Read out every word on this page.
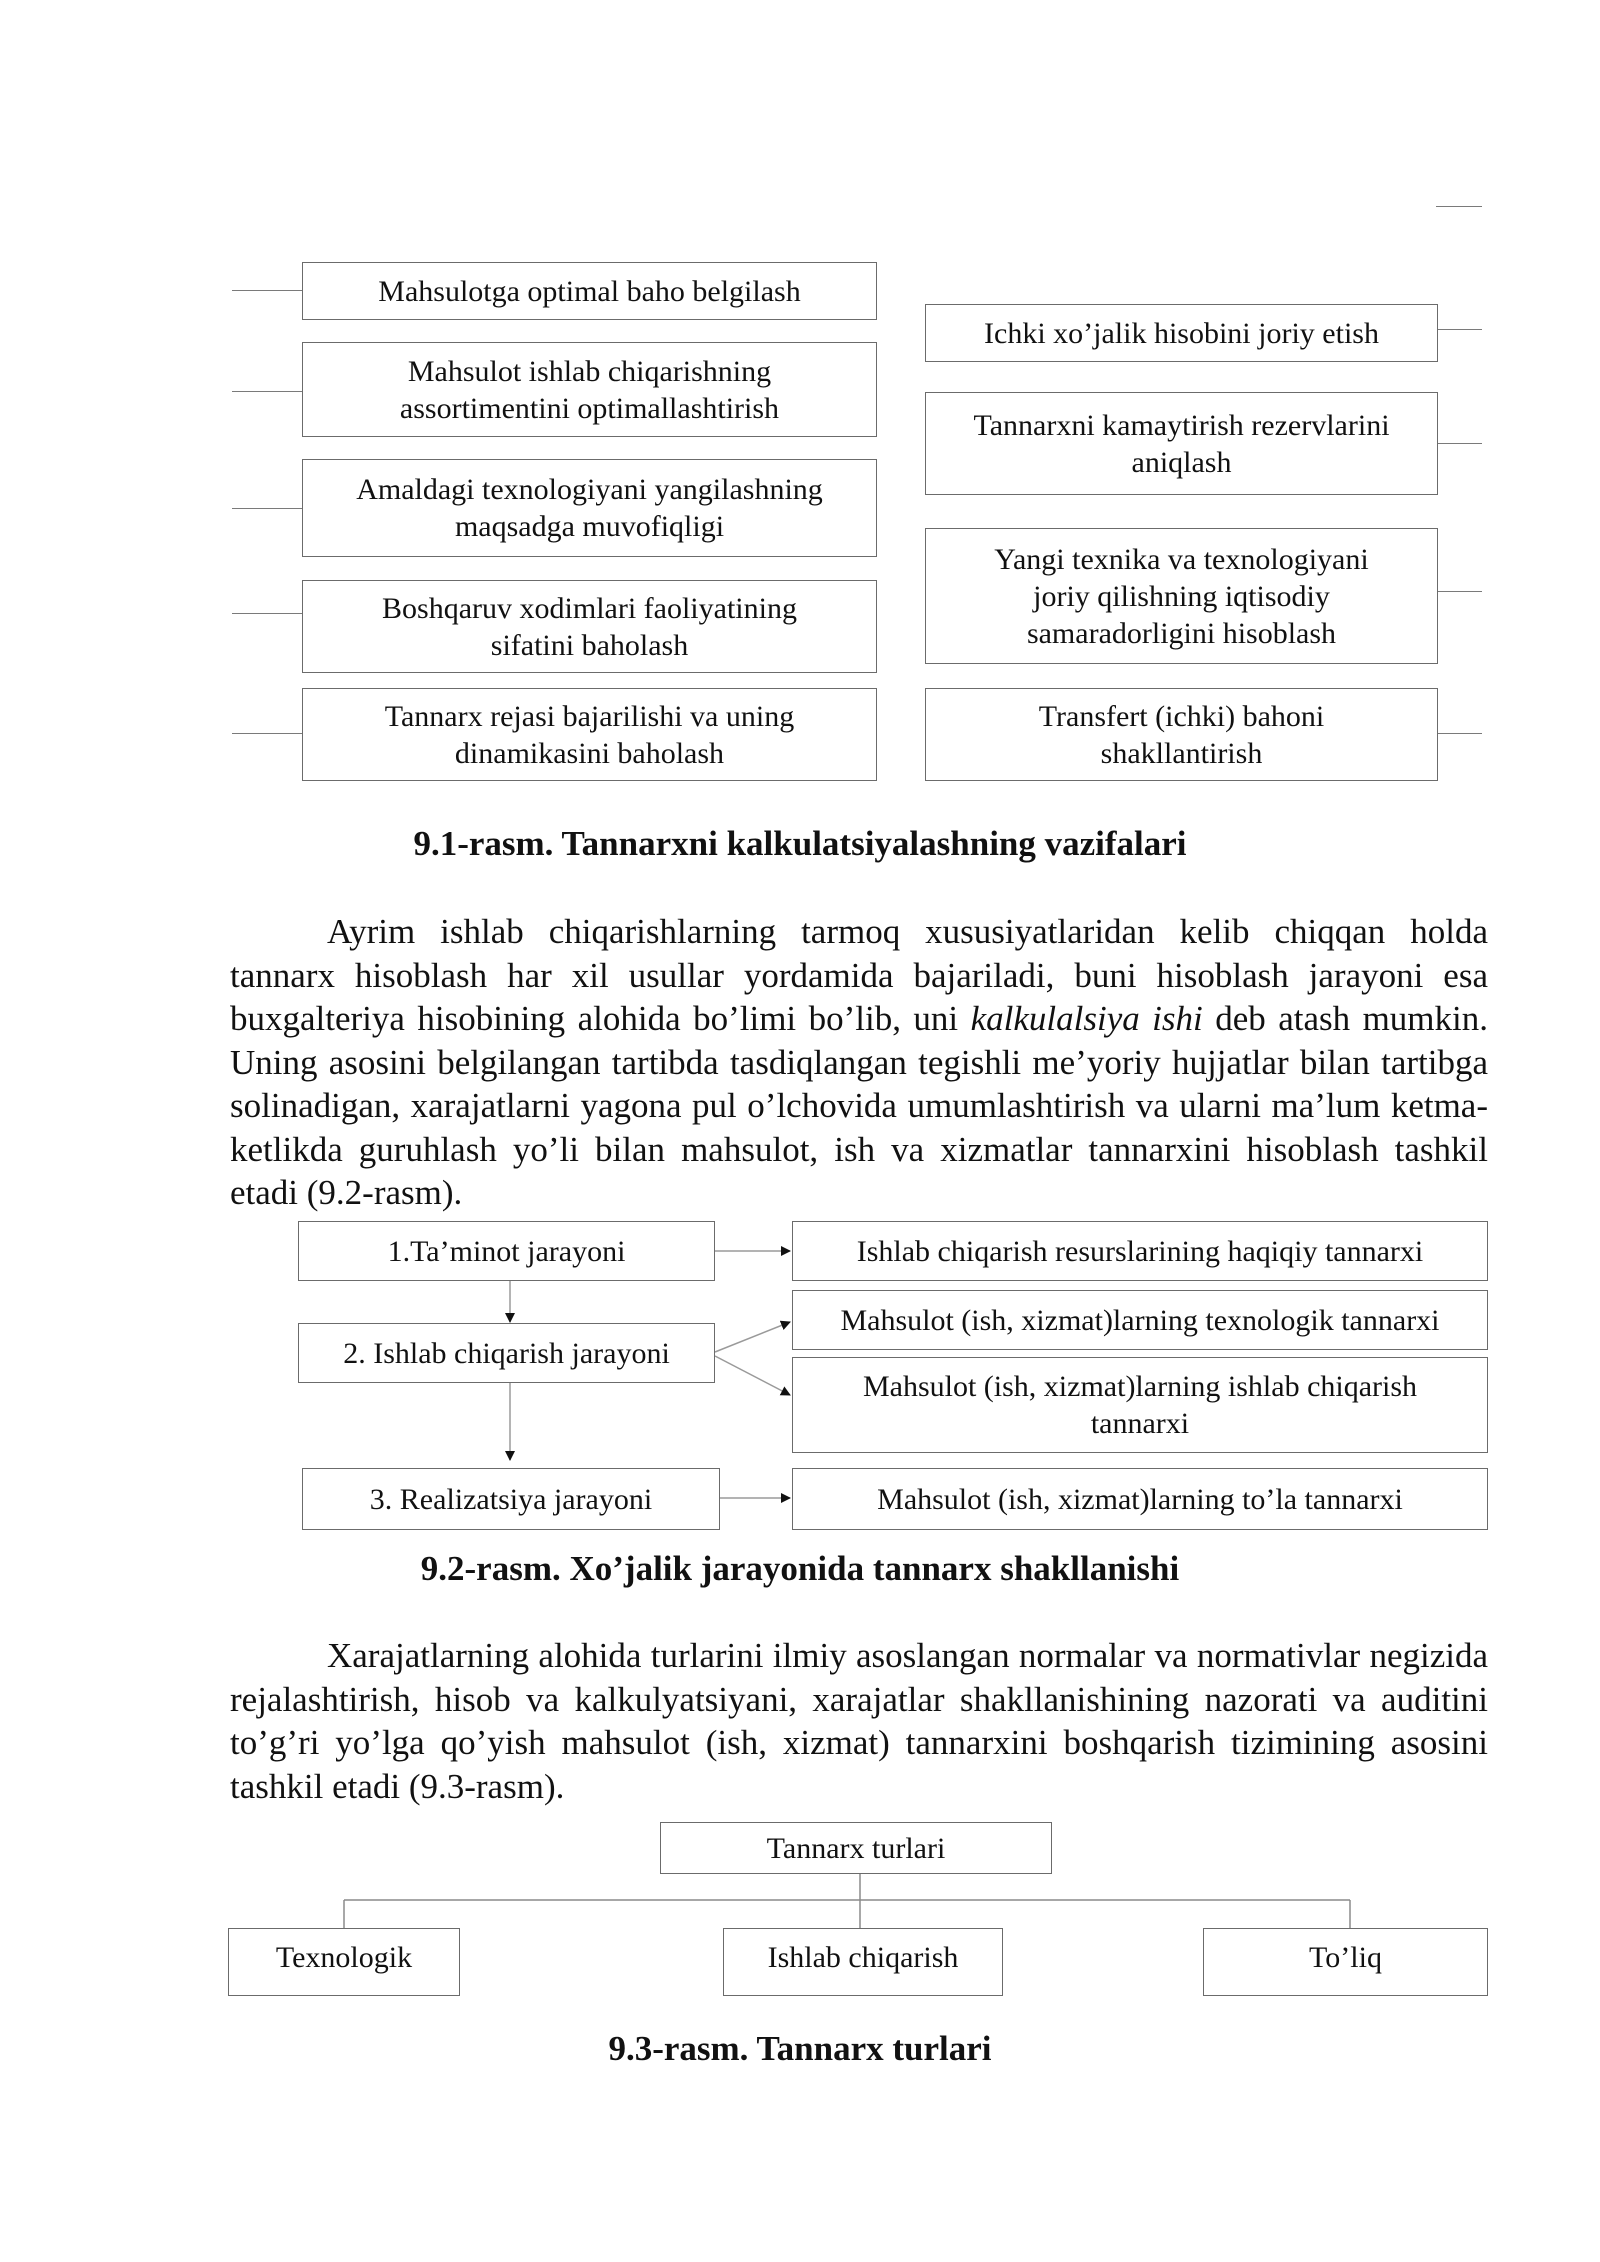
Mahsulotga optimal baho belgilash
Mahsulot ishlab chiqarishning
assortimentini optimallashtirish
Amaldagi texnologiyani yangilashning
maqsadga muvofiqligi
Boshqaruv xodimlari faoliyatining
sifatini baholash
Tannarx rejasi bajarilishi va uning
dinamikasini baholash
Ichki xo’jalik hisobini joriy etish
Tannarxni kamaytirish rezervlarini
aniqlash
Yangi texnika va texnologiyani
joriy qilishning iqtisodiy
samaradorligini hisoblash
Transfert (ichki) bahoni
shakllantirish
9.1-rasm. Tannarxni kalkulatsiyalashning vazifalari

Ayrim ishlab chiqarishlarning tarmoq xususiyatlaridan kelib chiqqan holda tannarx hisoblash har xil usullar yordamida bajariladi, buni hisoblash jarayoni esa buxgalteriya hisobining alohida bo’limi bo’lib, uni kalkulalsiya ishi deb atash mumkin. Uning asosini belgilangan tartibda tasdiqlangan tegishli me’yoriy hujjatlar bilan tartibga solinadigan, xarajatlarni yagona pul o’lchovida umumlashtirish va ularni ma’lum ketma-ketlikda guruhlash yo’li bilan mahsulot, ish va xizmatlar tannarxini hisoblash tashkil etadi (9.2-rasm).

1.Ta’minot jarayoni
2. Ishlab chiqarish jarayoni
3. Realizatsiya jarayoni
Ishlab chiqarish resurslarining haqiqiy tannarxi
Mahsulot (ish, xizmat)larning texnologik tannarxi
Mahsulot (ish, xizmat)larning ishlab chiqarish
tannarxi
Mahsulot (ish, xizmat)larning to’la tannarxi
9.2-rasm. Xo’jalik jarayonida tannarx shakllanishi

Xarajatlarning alohida turlarini ilmiy asoslangan normalar va normativlar negizida rejalashtirish, hisob va kalkulyatsiyani, xarajatlar shakllanishining nazorati va auditini to’g’ri yo’lga qo’yish mahsulot (ish, xizmat) tannarxini boshqarish tizimining asosini tashkil etadi (9.3-rasm).

Tannarx turlari
Texnologik	Ishlab chiqarish	To’liq
9.3-rasm. Tannarx turlari
